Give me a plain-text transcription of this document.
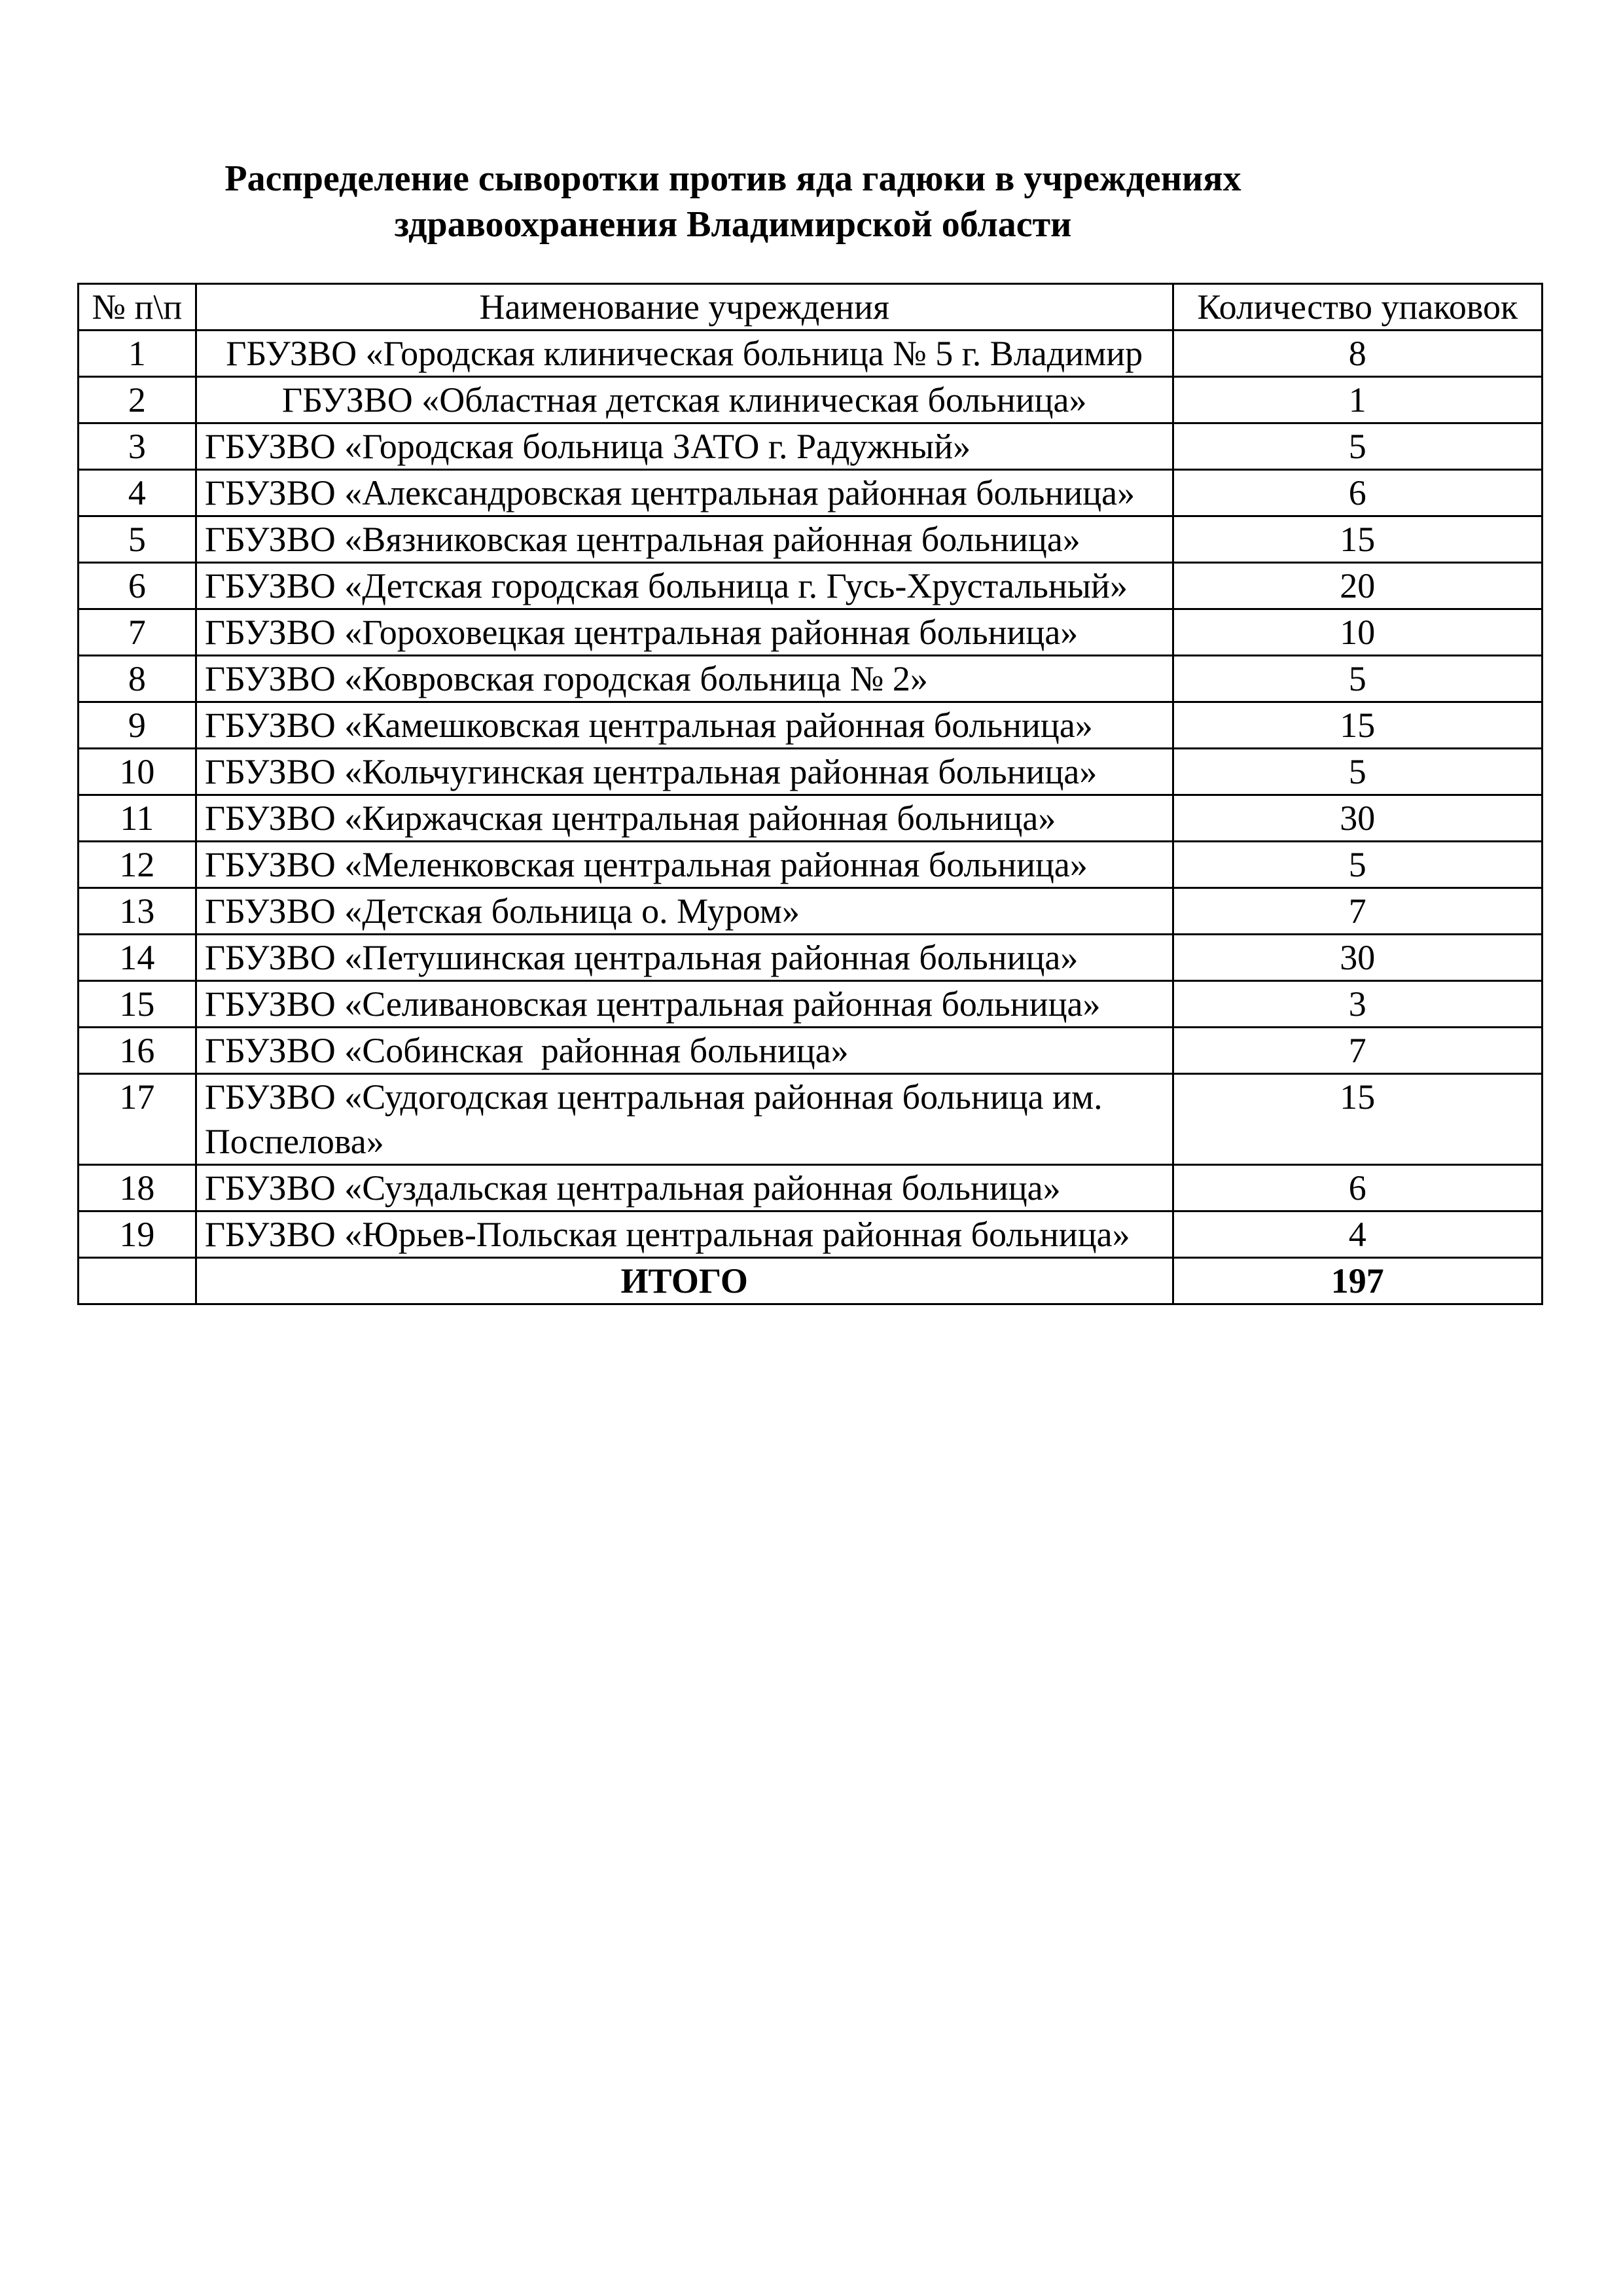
Распределение сыворотки против яда гадюки в учреждениях
здравоохранения Владимирской области
№ п\п	Наименование учреждения	Количество упаковок
1	ГБУЗВО «Городская клиническая больница № 5 г. Владимир	8
2	ГБУЗВО «Областная детская клиническая больница»	1
3	ГБУЗВО «Городская больница ЗАТО г. Радужный»	5
4	ГБУЗВО «Александровская центральная районная больница»	6
5	ГБУЗВО «Вязниковская центральная районная больница»	15
6	ГБУЗВО «Детская городская больница г. Гусь-Хрустальный»	20
7	ГБУЗВО «Гороховецкая центральная районная больница»	10
8	ГБУЗВО «Ковровская городская больница № 2»	5
9	ГБУЗВО «Камешковская центральная районная больница»	15
10	ГБУЗВО «Кольчугинская центральная районная больница»	5
11	ГБУЗВО «Киржачская центральная районная больница»	30
12	ГБУЗВО «Меленковская центральная районная больница»	5
13	ГБУЗВО «Детская больница о. Муром»	7
14	ГБУЗВО «Петушинская центральная районная больница»	30
15	ГБУЗВО «Селивановская центральная районная больница»	3
16	ГБУЗВО «Собинская  районная больница»	7
17	ГБУЗВО «Судогодская центральная районная больница им. Поспелова»	15
18	ГБУЗВО «Суздальская центральная районная больница»	6
19	ГБУЗВО «Юрьев-Польская центральная районная больница»	4
	ИТОГО	197
